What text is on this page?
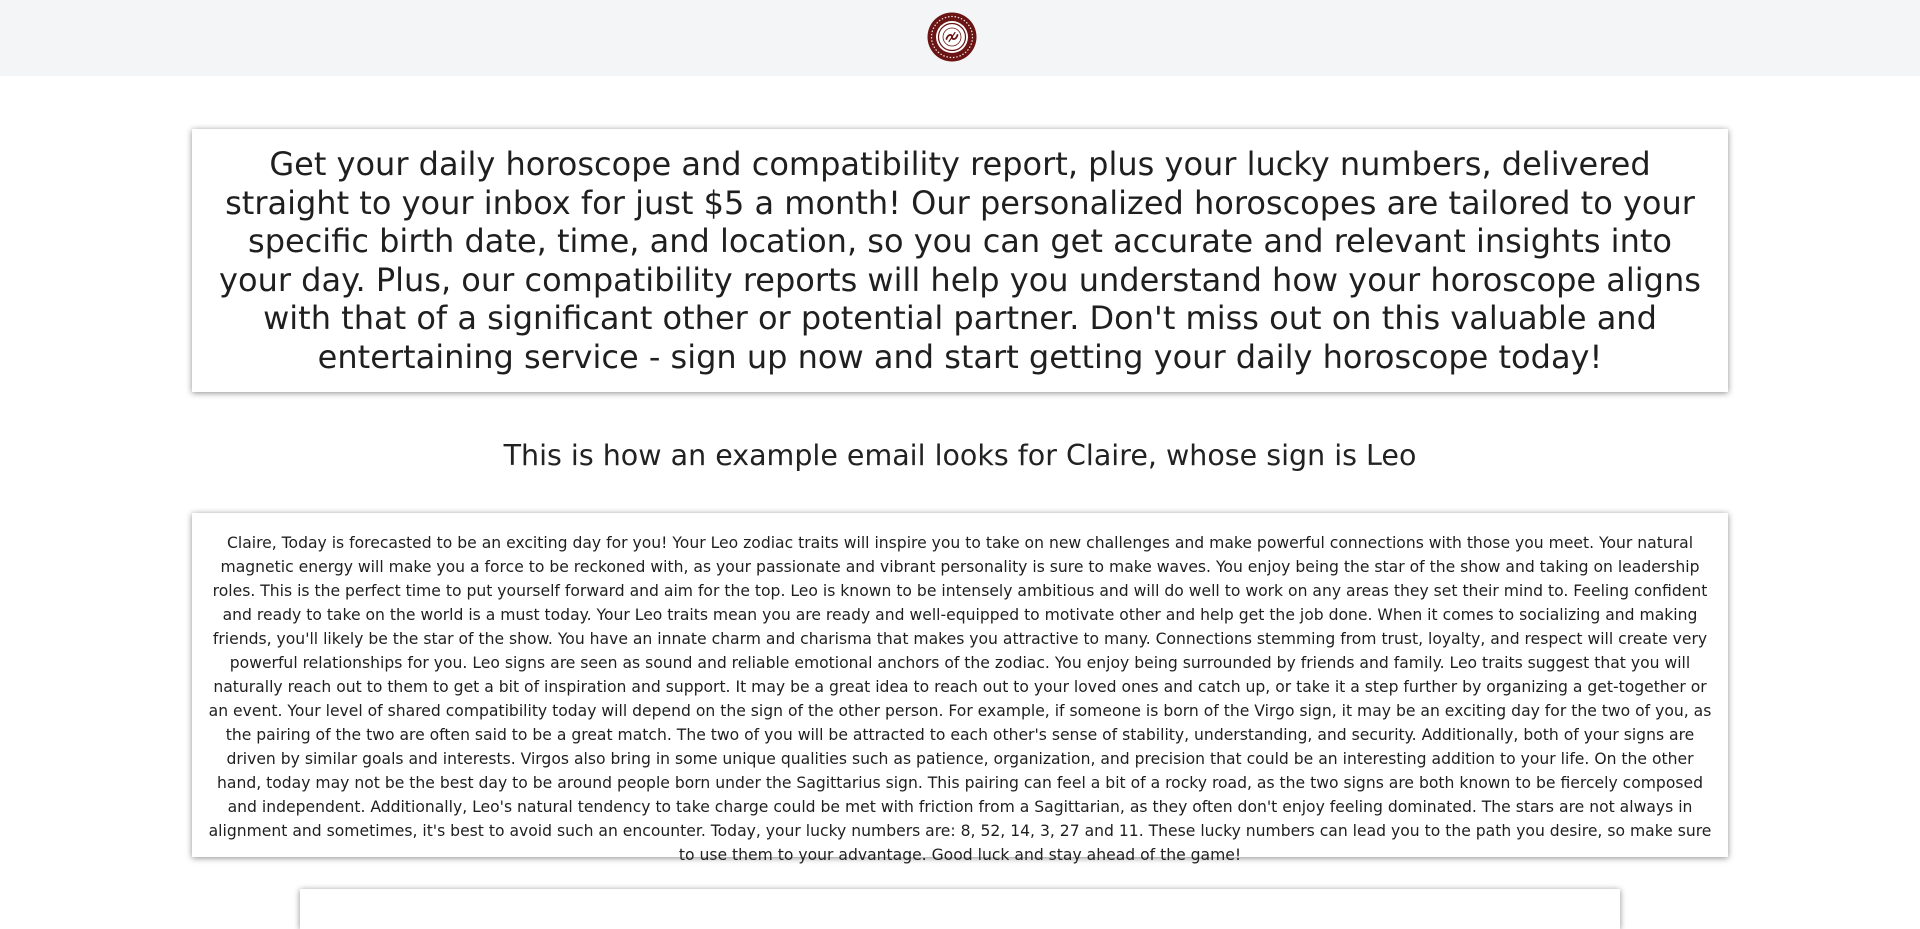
Get your daily horoscope and compatibility report, plus your lucky numbers, delivered straight to your inbox for just $5 a month! Our personalized horoscopes are tailored to your specific birth date, time, and location, so you can get accurate and relevant insights into your day. Plus, our compatibility reports will help you understand how your horoscope aligns with that of a significant other or potential partner. Don't miss out on this valuable and entertaining service - sign up now and start getting your daily horoscope today!
This is how an example email looks for Claire, whose sign is Leo
Claire, Today is forecasted to be an exciting day for you! Your Leo zodiac traits will inspire you to take on new challenges and make powerful connections with those you meet. Your natural magnetic energy will make you a force to be reckoned with, as your passionate and vibrant personality is sure to make waves. You enjoy being the star of the show and taking on leadership roles. This is the perfect time to put yourself forward and aim for the top. Leo is known to be intensely ambitious and will do well to work on any areas they set their mind to. Feeling confident and ready to take on the world is a must today. Your Leo traits mean you are ready and well-equipped to motivate other and help get the job done. When it comes to socializing and making friends, you'll likely be the star of the show. You have an innate charm and charisma that makes you attractive to many. Connections stemming from trust, loyalty, and respect will create very powerful relationships for you. Leo signs are seen as sound and reliable emotional anchors of the zodiac. You enjoy being surrounded by friends and family. Leo traits suggest that you will naturally reach out to them to get a bit of inspiration and support. It may be a great idea to reach out to your loved ones and catch up, or take it a step further by organizing a get-together or an event. Your level of shared compatibility today will depend on the sign of the other person. For example, if someone is born of the Virgo sign, it may be an exciting day for the two of you, as the pairing of the two are often said to be a great match. The two of you will be attracted to each other's sense of stability, understanding, and security. Additionally, both of your signs are driven by similar goals and interests. Virgos also bring in some unique qualities such as patience, organization, and precision that could be an interesting addition to your life. On the other hand, today may not be the best day to be around people born under the Sagittarius sign. This pairing can feel a bit of a rocky road, as the two signs are both known to be fiercely composed and independent. Additionally, Leo's natural tendency to take charge could be met with friction from a Sagittarian, as they often don't enjoy feeling dominated. The stars are not always in alignment and sometimes, it's best to avoid such an encounter. Today, your lucky numbers are: 8, 52, 14, 3, 27 and 11. These lucky numbers can lead you to the path you desire, so make sure to use them to your advantage. Good luck and stay ahead of the game!
